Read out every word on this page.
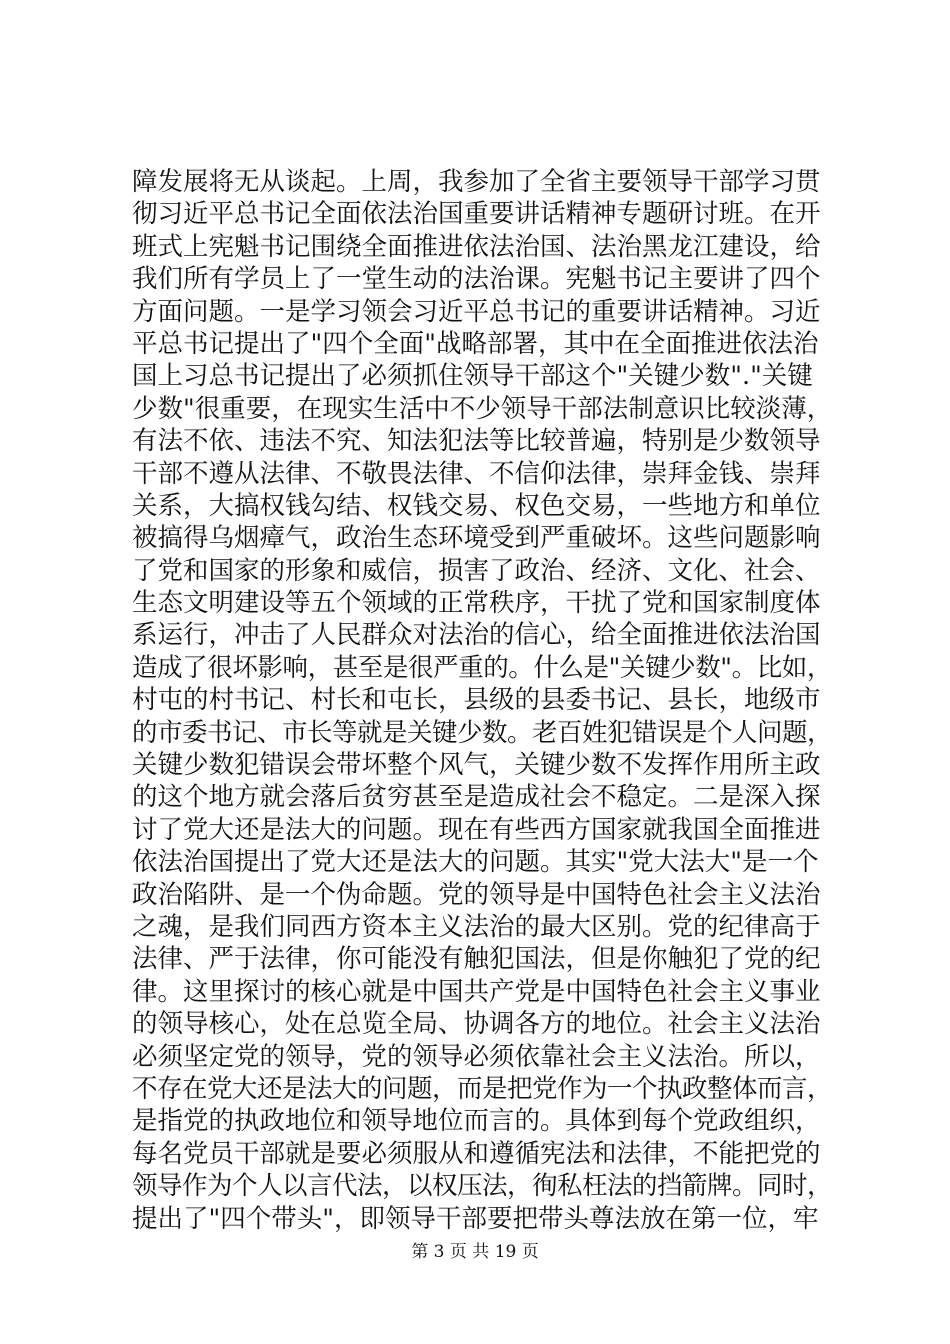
障发展将无从谈起。上周，我参加了全省主要领导干部学习贯
彻习近平总书记全面依法治国重要讲话精神专题研讨班。在开
班式上宪魁书记围绕全面推进依法治国、法治黑龙江建设，给
我们所有学员上了一堂生动的法治课。宪魁书记主要讲了四个
方面问题。一是学习领会习近平总书记的重要讲话精神。习近
平总书记提出了"四个全面"战略部署，其中在全面推进依法治
国上习总书记提出了必须抓住领导干部这个"关键少数"."关键
少数"很重要，在现实生活中不少领导干部法制意识比较淡薄，
有法不依、违法不究、知法犯法等比较普遍，特别是少数领导
干部不遵从法律、不敬畏法律、不信仰法律，崇拜金钱、崇拜
关系，大搞权钱勾结、权钱交易、权色交易，一些地方和单位
被搞得乌烟瘴气，政治生态环境受到严重破坏。这些问题影响
了党和国家的形象和威信，损害了政治、经济、文化、社会、
生态文明建设等五个领域的正常秩序，干扰了党和国家制度体
系运行，冲击了人民群众对法治的信心，给全面推进依法治国
造成了很坏影响，甚至是很严重的。什么是"关键少数"。比如，
村屯的村书记、村长和屯长，县级的县委书记、县长，地级市
的市委书记、市长等就是关键少数。老百姓犯错误是个人问题，
关键少数犯错误会带坏整个风气，关键少数不发挥作用所主政
的这个地方就会落后贫穷甚至是造成社会不稳定。二是深入探
讨了党大还是法大的问题。现在有些西方国家就我国全面推进
依法治国提出了党大还是法大的问题。其实"党大法大"是一个
政治陷阱、是一个伪命题。党的领导是中国特色社会主义法治
之魂，是我们同西方资本主义法治的最大区别。党的纪律高于
法律、严于法律，你可能没有触犯国法，但是你触犯了党的纪
律。这里探讨的核心就是中国共产党是中国特色社会主义事业
的领导核心，处在总览全局、协调各方的地位。社会主义法治
必须坚定党的领导，党的领导必须依靠社会主义法治。所以，
不存在党大还是法大的问题，而是把党作为一个执政整体而言，
是指党的执政地位和领导地位而言的。具体到每个党政组织，
每名党员干部就是要必须服从和遵循宪法和法律，不能把党的
领导作为个人以言代法，以权压法，徇私枉法的挡箭牌。同时，
提出了"四个带头"，即领导干部要把带头尊法放在第一位，牢
第 3 页 共 19 页
